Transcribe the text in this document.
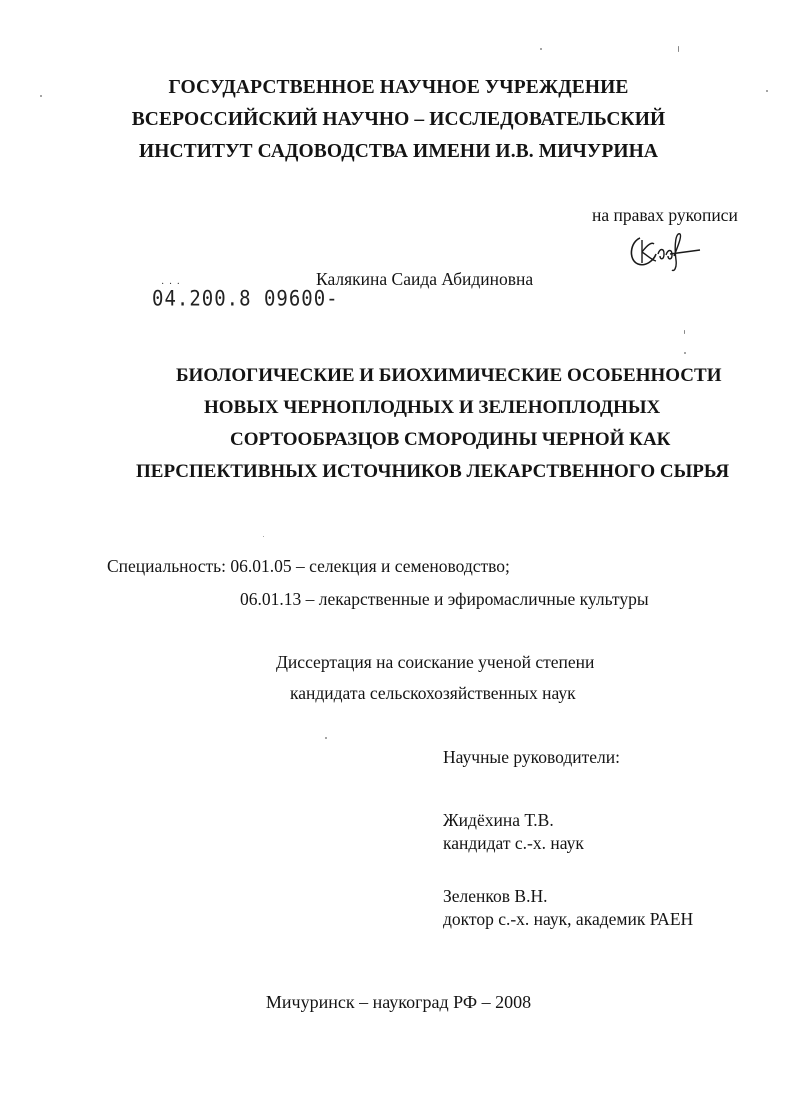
ГОСУДАРСТВЕННОЕ НАУЧНОЕ УЧРЕЖДЕНИЕ
ВСЕРОССИЙСКИЙ НАУЧНО – ИССЛЕДОВАТЕЛЬСКИЙ
ИНСТИТУТ САДОВОДСТВА ИМЕНИ И.В. МИЧУРИНА
на правах рукописи
04.200.8 09600-
· · ·	Калякина Саида Абидиновна
БИОЛОГИЧЕСКИЕ И БИОХИМИЧЕСКИЕ ОСОБЕННОСТИ
НОВЫХ ЧЕРНОПЛОДНЫХ И ЗЕЛЕНОПЛОДНЫХ
СОРТООБРАЗЦОВ СМОРОДИНЫ ЧЕРНОЙ КАК
ПЕРСПЕКТИВНЫХ ИСТОЧНИКОВ ЛЕКАРСТВЕННОГО СЫРЬЯ
Специальность: 06.01.05 – селекция и семеноводство;
06.01.13 – лекарственные и эфиромасличные культуры
Диссертация на соискание ученой степени
кандидата сельскохозяйственных наук
Научные руководители:
Жидёхина Т.В.
кандидат с.-х. наук
Зеленков В.Н.
доктор с.-х. наук, академик РАЕН
Мичуринск – наукоград РФ – 2008
